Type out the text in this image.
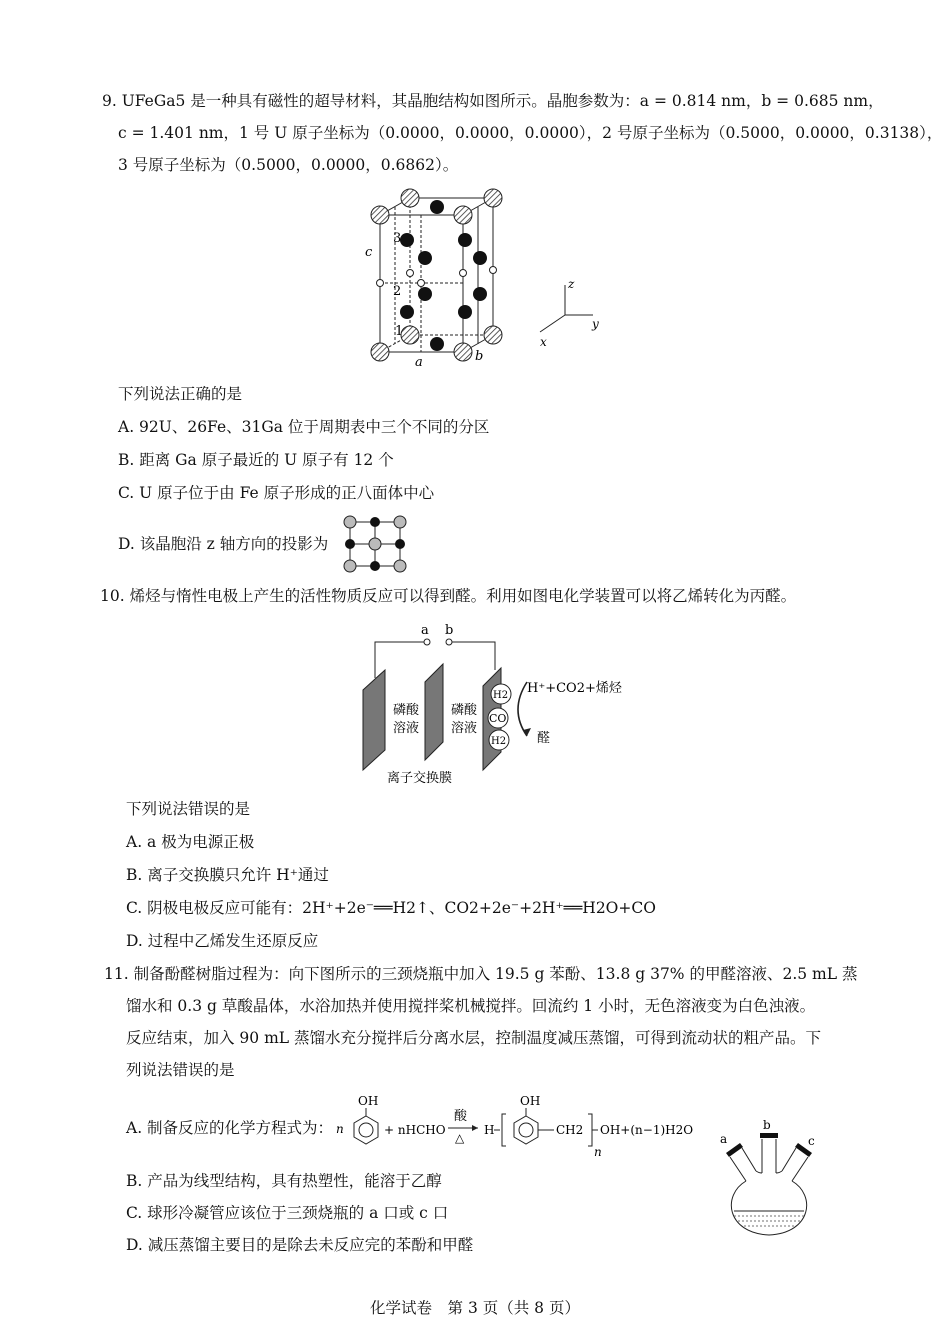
9. UFeGa5 是一种具有磁性的超导材料，其晶胞结构如图所示。晶胞参数为：a = 0.814 nm，b = 0.685 nm，
c = 1.401 nm，1 号 U 原子坐标为（0.0000，0.0000，0.0000），2 号原子坐标为（0.5000，0.0000，0.3138），
3 号原子坐标为（0.5000，0.0000，0.6862）。
c
3
2
1
a	b
z
y
x
下列说法正确的是
A. 92U、26Fe、31Ga 位于周期表中三个不同的分区
B. 距离 Ga 原子最近的 U 原子有 12 个
C. U 原子位于由 Fe 原子形成的正八面体中心
D. 该晶胞沿 z 轴方向的投影为
10. 烯烃与惰性电极上产生的活性物质反应可以得到醛。利用如图电化学装置可以将乙烯转化为丙醛。
a b
磷酸
溶液
磷酸
溶液
H2
CO
H2
H⁺+CO2+烯烃
醛
离子交换膜
下列说法错误的是
A. a 极为电源正极
B. 离子交换膜只允许 H⁺通过
C. 阴极电极反应可能有：2H⁺+2e⁻══H2↑、CO2+2e⁻+2H⁺══H2O+CO
D. 过程中乙烯发生还原反应
11. 制备酚醛树脂过程为：向下图所示的三颈烧瓶中加入 19.5 g 苯酚、13.8 g 37% 的甲醛溶液、2.5 mL 蒸
馏水和 0.3 g 草酸晶体，水浴加热并使用搅拌桨机械搅拌。回流约 1 小时，无色溶液变为白色浊液。
反应结束，加入 90 mL 蒸馏水充分搅拌后分离水层，控制温度减压蒸馏，可得到流动状的粗产品。下
列说法错误的是
A. 制备反应的化学方程式为： n
OH
+ nHCHO
酸
△
H
OH
CH2
n
OH+(n−1)H2O
a
b
c
B. 产品为线型结构，具有热塑性，能溶于乙醇
C. 球形冷凝管应该位于三颈烧瓶的 a 口或 c 口
D. 减压蒸馏主要目的是除去未反应完的苯酚和甲醛
化学试卷　第 3 页（共 8 页）
